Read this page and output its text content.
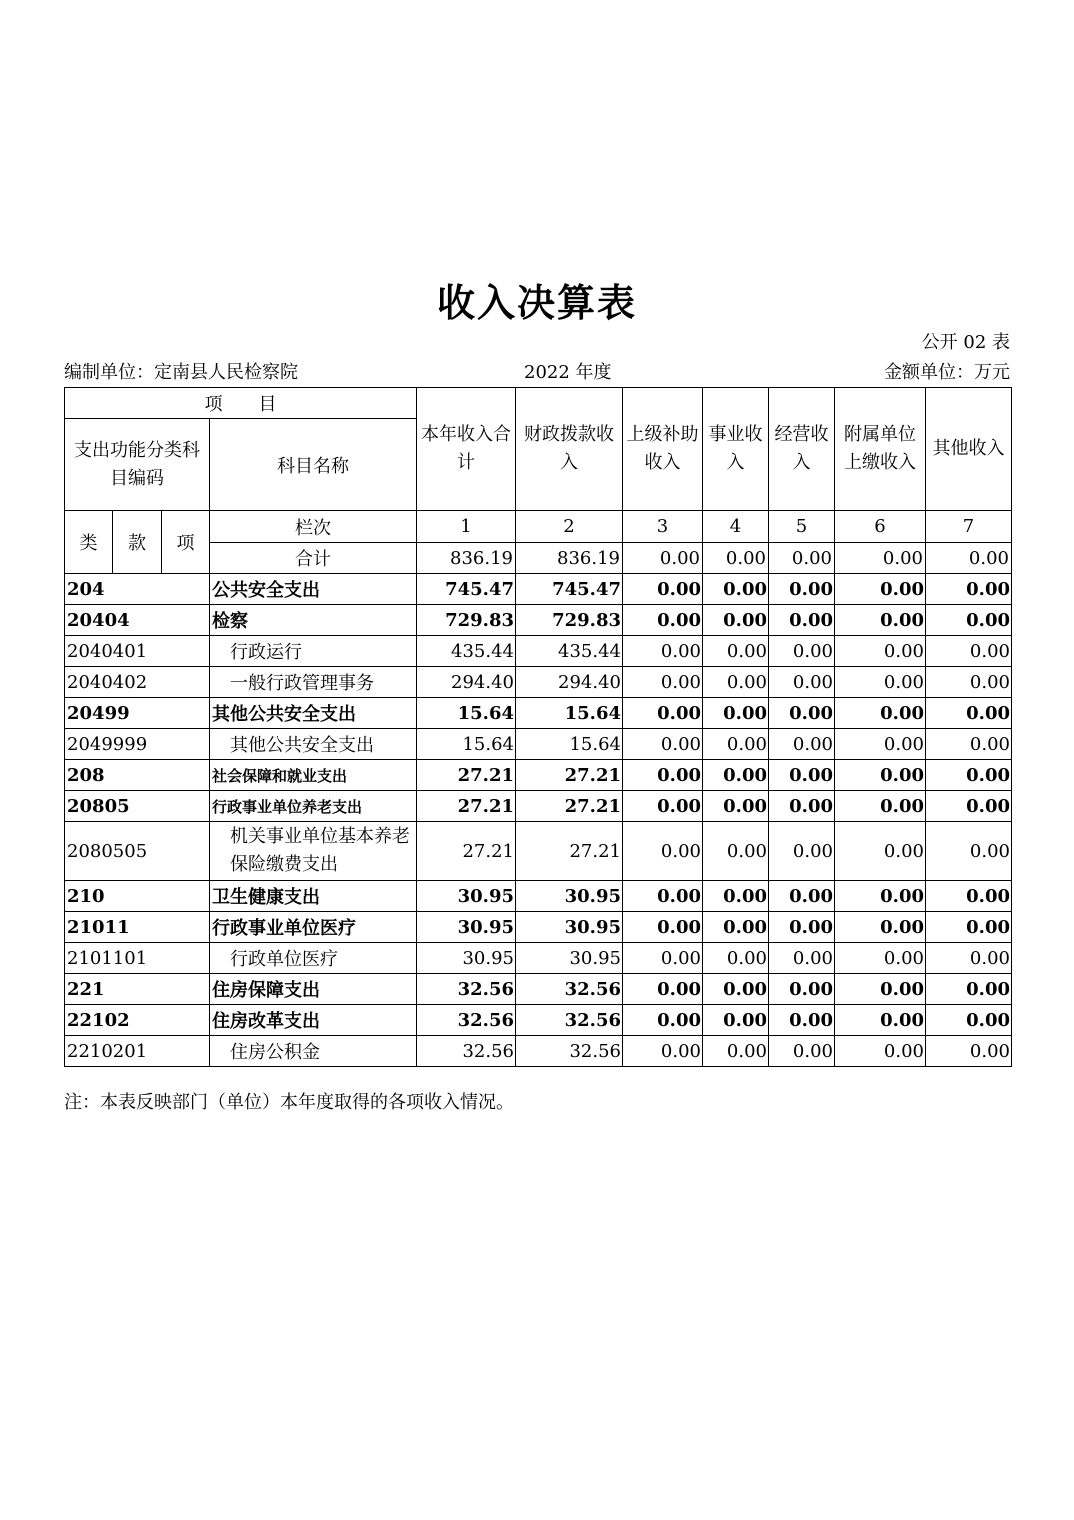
收入决算表
公开 02 表
编制单位：定南县人民检察院	2022 年度	金额单位：万元
项　　目				本年收入合计	财政拨款收入	上级补助收入	事业收入	经营收入	附属单位上缴收入	其他收入
支出功能分类科目编码			科目名称							
类	款	项	栏次	1	2	3	4	5	6	7
			合计	836.19	836.19	0.00	0.00	0.00	0.00	0.00
204			公共安全支出	745.47	745.47	0.00	0.00	0.00	0.00	0.00
20404			检察	729.83	729.83	0.00	0.00	0.00	0.00	0.00
2040401			行政运行	435.44	435.44	0.00	0.00	0.00	0.00	0.00
2040402			一般行政管理事务	294.40	294.40	0.00	0.00	0.00	0.00	0.00
20499			其他公共安全支出	15.64	15.64	0.00	0.00	0.00	0.00	0.00
2049999			其他公共安全支出	15.64	15.64	0.00	0.00	0.00	0.00	0.00
208			社会保障和就业支出	27.21	27.21	0.00	0.00	0.00	0.00	0.00
20805			行政事业单位养老支出	27.21	27.21	0.00	0.00	0.00	0.00	0.00
2080505			机关事业单位基本养老保险缴费支出	27.21	27.21	0.00	0.00	0.00	0.00	0.00
210			卫生健康支出	30.95	30.95	0.00	0.00	0.00	0.00	0.00
21011			行政事业单位医疗	30.95	30.95	0.00	0.00	0.00	0.00	0.00
2101101			行政单位医疗	30.95	30.95	0.00	0.00	0.00	0.00	0.00
221			住房保障支出	32.56	32.56	0.00	0.00	0.00	0.00	0.00
22102			住房改革支出	32.56	32.56	0.00	0.00	0.00	0.00	0.00
2210201			住房公积金	32.56	32.56	0.00	0.00	0.00	0.00	0.00
注：本表反映部门（单位）本年度取得的各项收入情况。
